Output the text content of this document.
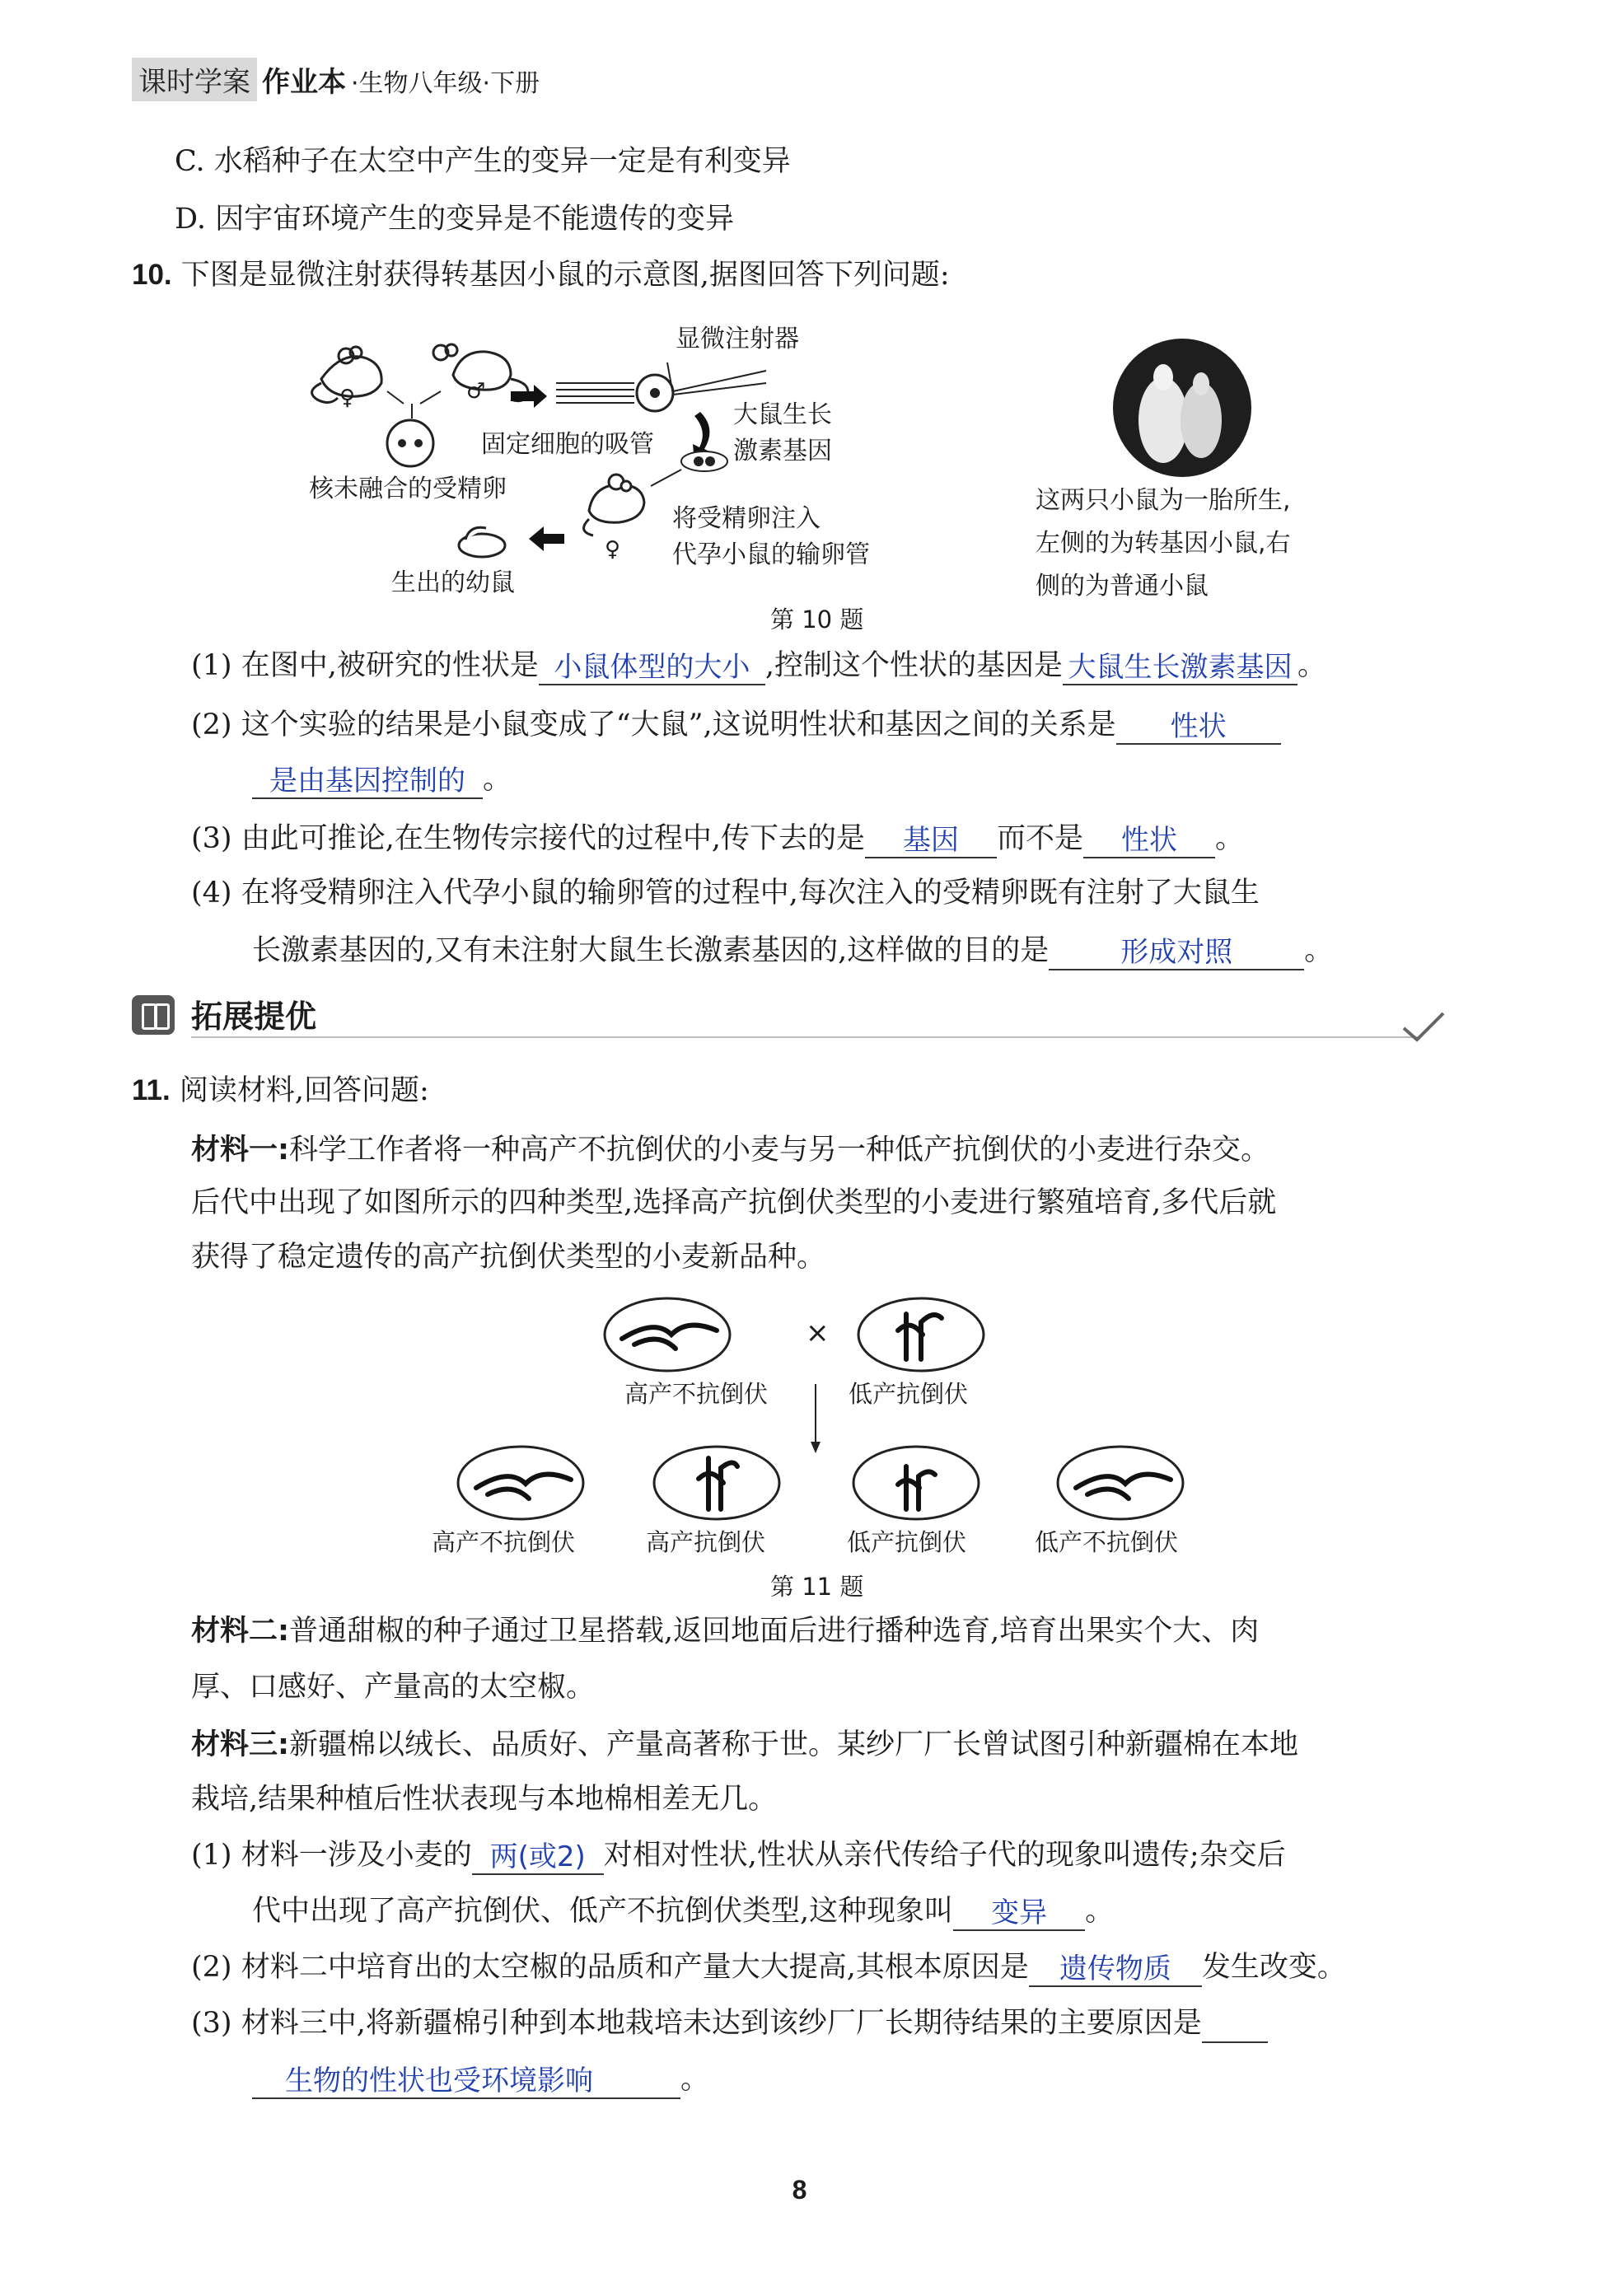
课时学案 作业本 ·生物八年级·下册
C. 水稻种子在太空中产生的变异一定是有利变异
D. 因宇宙环境产生的变异是不能遗传的变异
10. 下图是显微注射获得转基因小鼠的示意图,据图回答下列问题:
显微注射器
大鼠生长
激素基因
固定细胞的吸管
核未融合的受精卵
将受精卵注入
代孕小鼠的输卵管
生出的幼鼠
♀	♂
♀
这两只小鼠为一胎所生,
左侧的为转基因小鼠,右
侧的为普通小鼠
第 10 题
(1) 在图中,被研究的性状是 小鼠体型的大小 ,控制这个性状的基因是 大鼠生长激素基因 。
(2) 这个实验的结果是小鼠变成了“大鼠”,这说明性状和基因之间的关系是 性状
是由基因控制的 。
(3) 由此可推论,在生物传宗接代的过程中,传下去的是 基因 而不是 性状 。
(4) 在将受精卵注入代孕小鼠的输卵管的过程中,每次注入的受精卵既有注射了大鼠生
长激素基因的,又有未注射大鼠生长激素基因的,这样做的目的是	形成对照 。
拓展提优
11. 阅读材料,回答问题:
材料一:科学工作者将一种高产不抗倒伏的小麦与另一种低产抗倒伏的小麦进行杂交。
后代中出现了如图所示的四种类型,选择高产抗倒伏类型的小麦进行繁殖培育,多代后就
获得了稳定遗传的高产抗倒伏类型的小麦新品种。
×
高产不抗倒伏	低产抗倒伏
高产不抗倒伏	高产抗倒伏	低产抗倒伏	低产不抗倒伏
第 11 题
材料二:普通甜椒的种子通过卫星搭载,返回地面后进行播种选育,培育出果实个大、肉
厚、口感好、产量高的太空椒。
材料三:新疆棉以绒长、品质好、产量高著称于世。某纱厂厂长曾试图引种新疆棉在本地
栽培,结果种植后性状表现与本地棉相差无几。
(1) 材料一涉及小麦的 两(或2) 对相对性状,性状从亲代传给子代的现象叫遗传;杂交后
代中出现了高产抗倒伏、低产不抗倒伏类型,这种现象叫 变异 。
(2) 材料二中培育出的太空椒的品质和产量大大提高,其根本原因是 遗传物质 发生改变。
(3) 材料三中,将新疆棉引种到本地栽培未达到该纱厂厂长期待结果的主要原因是
生物的性状也受环境影响	。
8
